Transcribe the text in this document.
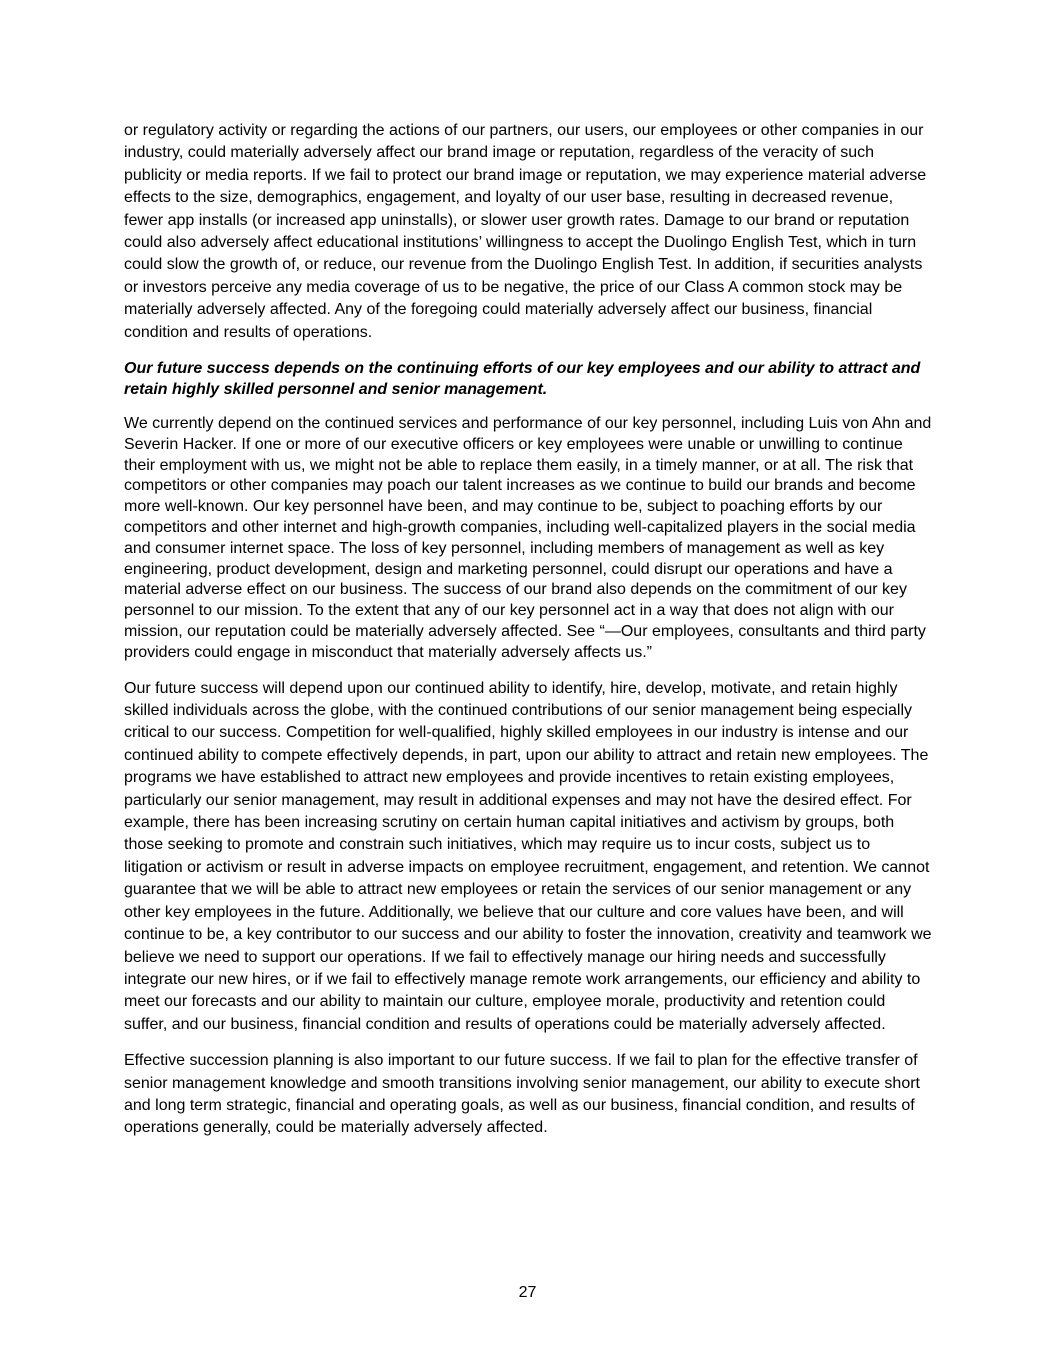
or regulatory activity or regarding the actions of our partners, our users, our employees or other companies in our industry, could materially adversely affect our brand image or reputation, regardless of the veracity of such publicity or media reports. If we fail to protect our brand image or reputation, we may experience material adverse effects to the size, demographics, engagement, and loyalty of our user base, resulting in decreased revenue, fewer app installs (or increased app uninstalls), or slower user growth rates. Damage to our brand or reputation could also adversely affect educational institutions’ willingness to accept the Duolingo English Test, which in turn could slow the growth of, or reduce, our revenue from the Duolingo English Test. In addition, if securities analysts or investors perceive any media coverage of us to be negative, the price of our Class A common stock may be materially adversely affected. Any of the foregoing could materially adversely affect our business, financial condition and results of operations.

Our future success depends on the continuing efforts of our key employees and our ability to attract and retain highly skilled personnel and senior management.

We currently depend on the continued services and performance of our key personnel, including Luis von Ahn and Severin Hacker. If one or more of our executive officers or key employees were unable or unwilling to continue their employment with us, we might not be able to replace them easily, in a timely manner, or at all. The risk that competitors or other companies may poach our talent increases as we continue to build our brands and become more well-known. Our key personnel have been, and may continue to be, subject to poaching efforts by our competitors and other internet and high-growth companies, including well-capitalized players in the social media and consumer internet space. The loss of key personnel, including members of management as well as key engineering, product development, design and marketing personnel, could disrupt our operations and have a material adverse effect on our business. The success of our brand also depends on the commitment of our key personnel to our mission. To the extent that any of our key personnel act in a way that does not align with our mission, our reputation could be materially adversely affected. See “—Our employees, consultants and third party providers could engage in misconduct that materially adversely affects us.”

Our future success will depend upon our continued ability to identify, hire, develop, motivate, and retain highly skilled individuals across the globe, with the continued contributions of our senior management being especially critical to our success. Competition for well-qualified, highly skilled employees in our industry is intense and our continued ability to compete effectively depends, in part, upon our ability to attract and retain new employees. The programs we have established to attract new employees and provide incentives to retain existing employees, particularly our senior management, may result in additional expenses and may not have the desired effect. For example, there has been increasing scrutiny on certain human capital initiatives and activism by groups, both those seeking to promote and constrain such initiatives, which may require us to incur costs, subject us to litigation or activism or result in adverse impacts on employee recruitment, engagement, and retention. We cannot guarantee that we will be able to attract new employees or retain the services of our senior management or any other key employees in the future. Additionally, we believe that our culture and core values have been, and will continue to be, a key contributor to our success and our ability to foster the innovation, creativity and teamwork we believe we need to support our operations. If we fail to effectively manage our hiring needs and successfully integrate our new hires, or if we fail to effectively manage remote work arrangements, our efficiency and ability to meet our forecasts and our ability to maintain our culture, employee morale, productivity and retention could suffer, and our business, financial condition and results of operations could be materially adversely affected.

Effective succession planning is also important to our future success. If we fail to plan for the effective transfer of senior management knowledge and smooth transitions involving senior management, our ability to execute short and long term strategic, financial and operating goals, as well as our business, financial condition, and results of operations generally, could be materially adversely affected.

27
